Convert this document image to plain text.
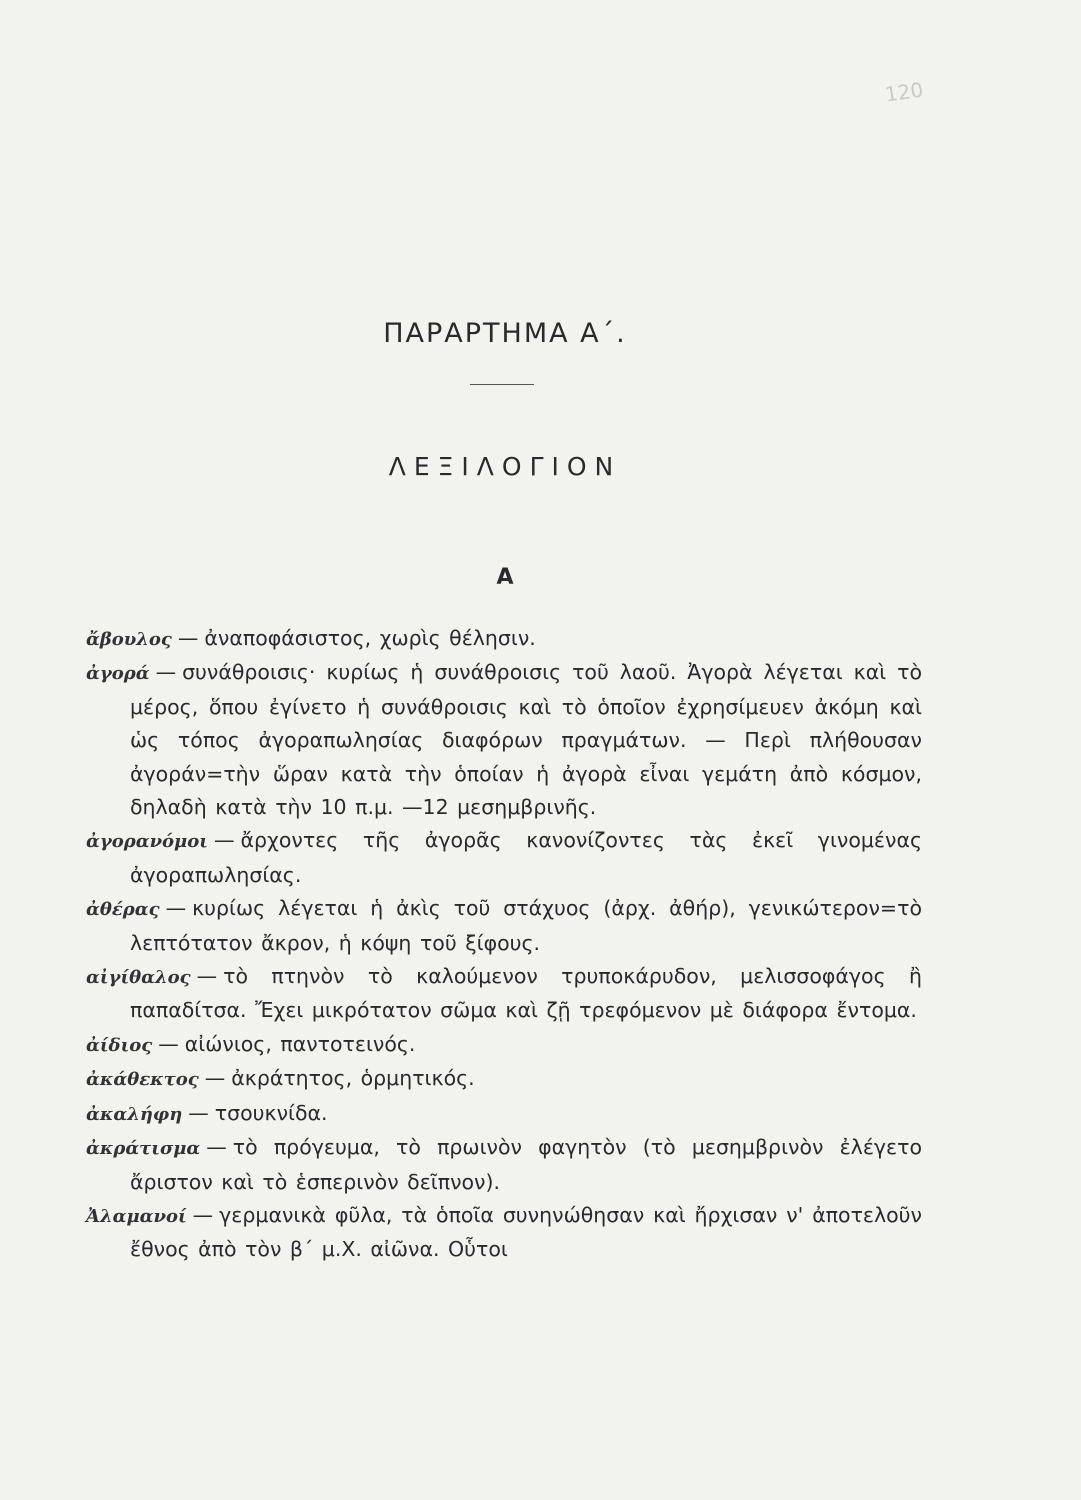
120
ΠΑΡΑΡΤΗΜΑ Α΄.
ΛΕΞΙΛΟΓΙΟΝ
Α
ἄβουλος — ἀναποφάσιστος, χωρὶς θέλησιν.
ἀγορά — συνάθροισις· κυρίως ἡ συνάθροισις τοῦ λαοῦ. Ἀγορὰ λέγεται καὶ τὸ μέρος, ὅπου ἐγίνετο ἡ συνάθροισις καὶ τὸ ὁποῖον ἐχρησίμευεν ἀκόμη καὶ ὡς τόπος ἀγοραπωλησίας διαφόρων πραγμάτων. — Περὶ πλήθουσαν ἀγοράν=τὴν ὥραν κατὰ τὴν ὁποίαν ἡ ἀγορὰ εἶναι γεμάτη ἀπὸ κόσμον, δηλαδὴ κατὰ τὴν 10 π.μ. —12 μεσημβρινῆς.
ἀγορανόμοι — ἄρχοντες τῆς ἀγορᾶς κανονίζοντες τὰς ἐκεῖ γινομένας ἀγοραπωλησίας.
ἀθέρας — κυρίως λέγεται ἡ ἀκὶς τοῦ στάχυος (ἀρχ. ἀθήρ), γενικώτερον=τὸ λεπτότατον ἄκρον, ἡ κόψη τοῦ ξίφους.
αἰγίθαλος — τὸ πτηνὸν τὸ καλούμενον τρυποκάρυδον, μελισσοφάγος ἢ παπαδίτσα. Ἔχει μικρότατον σῶμα καὶ ζῇ τρεφόμενον μὲ διάφορα ἔντομα.
ἀίδιος — αἰώνιος, παντοτεινός.
ἀκάθεκτος — ἀκράτητος, ὁρμητικός.
ἀκαλήφη — τσουκνίδα.
ἀκράτισμα — τὸ πρόγευμα, τὸ πρωινὸν φαγητὸν (τὸ μεσημβρινὸν ἐλέγετο ἄριστον καὶ τὸ ἑσπερινὸν δεῖπνον).
Ἀλαμανοί — γερμανικὰ φῦλα, τὰ ὁποῖα συνηνώθησαν καὶ ἤρχισαν ν' ἀποτελοῦν ἔθνος ἀπὸ τὸν β΄ μ.Χ. αἰῶνα. Οὗτοι
